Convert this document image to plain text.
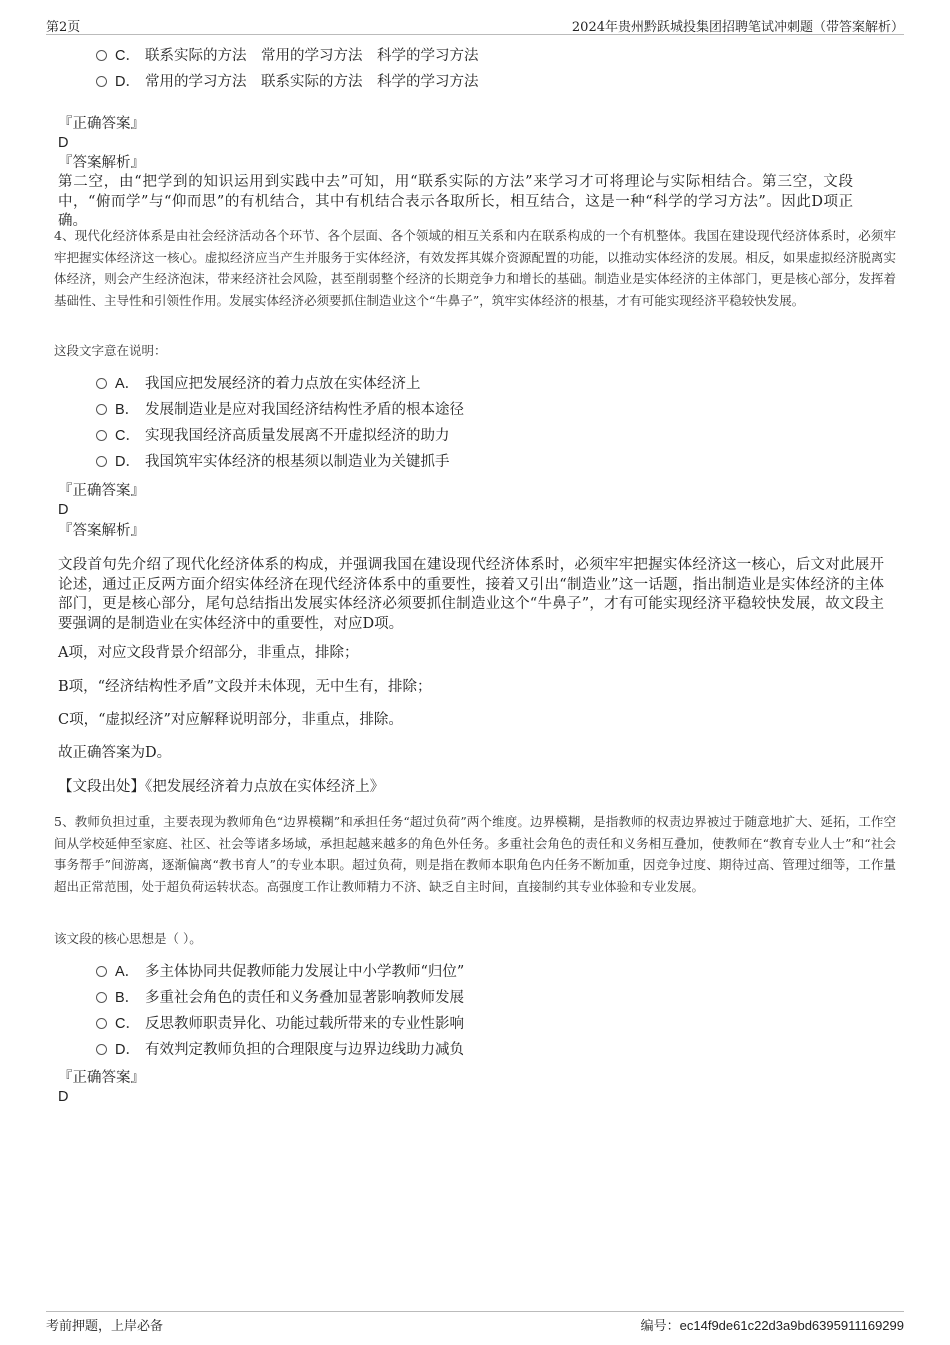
第2页	2024年贵州黔跃城投集团招聘笔试冲刺题（带答案解析）
C． 联系实际的方法　常用的学习方法　科学的学习方法
D． 常用的学习方法　联系实际的方法　科学的学习方法
『正确答案』
D
『答案解析』
第二空，由“把学到的知识运用到实践中去”可知，用“联系实际的方法”来学习才可将理论与实际相结合。第三空，文段中，“俯而学”与“仰而思”的有机结合，其中有机结合表示各取所长，相互结合，这是一种“科学的学习方法”。因此D项正确。
4、现代化经济体系是由社会经济活动各个环节、各个层面、各个领域的相互关系和内在联系构成的一个有机整体。我国在建设现代经济体系时，必须牢牢把握实体经济这一核心。虚拟经济应当产生并服务于实体经济，有效发挥其媒介资源配置的功能，以推动实体经济的发展。相反，如果虚拟经济脱离实体经济，则会产生经济泡沫，带来经济社会风险，甚至削弱整个经济的长期竞争力和增长的基础。制造业是实体经济的主体部门，更是核心部分，发挥着基础性、主导性和引领性作用。发展实体经济必须要抓住制造业这个“牛鼻子”，筑牢实体经济的根基，才有可能实现经济平稳较快发展。
这段文字意在说明：
A． 我国应把发展经济的着力点放在实体经济上
B． 发展制造业是应对我国经济结构性矛盾的根本途径
C． 实现我国经济高质量发展离不开虚拟经济的助力
D． 我国筑牢实体经济的根基须以制造业为关键抓手
『正确答案』
D
『答案解析』
文段首句先介绍了现代化经济体系的构成，并强调我国在建设现代经济体系时，必须牢牢把握实体经济这一核心，后文对此展开论述，通过正反两方面介绍实体经济在现代经济体系中的重要性，接着又引出“制造业”这一话题，指出制造业是实体经济的主体部门，更是核心部分，尾句总结指出发展实体经济必须要抓住制造业这个“牛鼻子”，才有可能实现经济平稳较快发展，故文段主要强调的是制造业在实体经济中的重要性，对应D项。
A项，对应文段背景介绍部分，非重点，排除；
B项，“经济结构性矛盾”文段并未体现，无中生有，排除；
C项，“虚拟经济”对应解释说明部分，非重点，排除。
故正确答案为D。
【文段出处】《把发展经济着力点放在实体经济上》
5、教师负担过重，主要表现为教师角色“边界模糊”和承担任务“超过负荷”两个维度。边界模糊，是指教师的权责边界被过于随意地扩大、延拓，工作空间从学校延伸至家庭、社区、社会等诸多场域，承担起越来越多的角色外任务。多重社会角色的责任和义务相互叠加，使教师在“教育专业人士”和“社会事务帮手”间游离，逐渐偏离“教书育人”的专业本职。超过负荷，则是指在教师本职角色内任务不断加重，因竞争过度、期待过高、管理过细等，工作量超出正常范围，处于超负荷运转状态。高强度工作让教师精力不济、缺乏自主时间，直接制约其专业体验和专业发展。
该文段的核心思想是（ ）。
A． 多主体协同共促教师能力发展让中小学教师“归位”
B． 多重社会角色的责任和义务叠加显著影响教师发展
C． 反思教师职责异化、功能过载所带来的专业性影响
D． 有效判定教师负担的合理限度与边界边线助力减负
『正确答案』
D
考前押题，上岸必备	编号：ec14f9de61c22d3a9bd6395911169299
